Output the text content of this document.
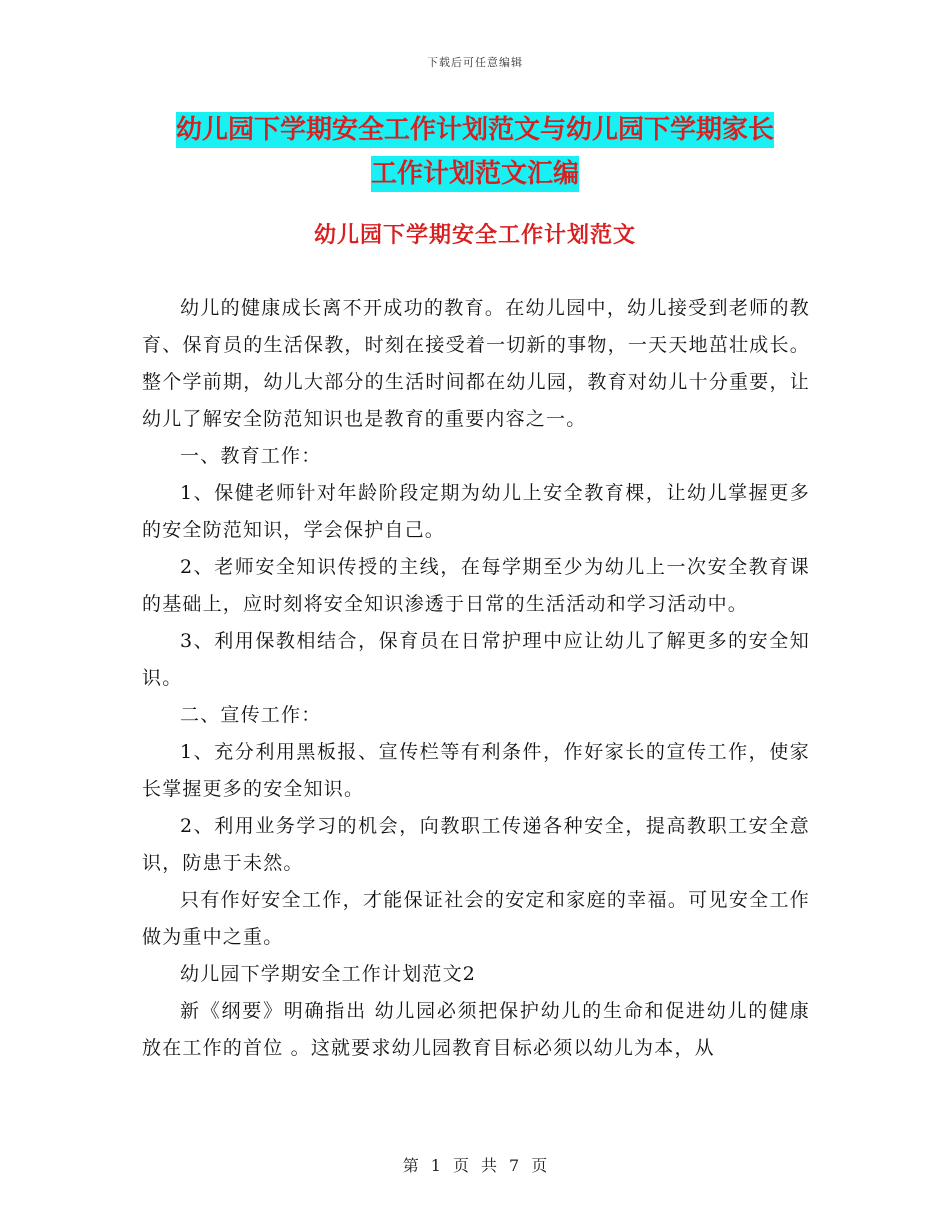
下载后可任意编辑
幼儿园下学期安全工作计划范文与幼儿园下学期家长
工作计划范文汇编
幼儿园下学期安全工作计划范文

幼儿的健康成长离不开成功的教育。在幼儿园中，幼儿接受到老师的教育、保育员的生活保教，时刻在接受着一切新的事物，一天天地茁壮成长。整个学前期，幼儿大部分的生活时间都在幼儿园，教育对幼儿十分重要，让幼儿了解安全防范知识也是教育的重要内容之一。

一、教育工作：

1、保健老师针对年龄阶段定期为幼儿上安全教育棵，让幼儿掌握更多的安全防范知识，学会保护自己。

2、老师安全知识传授的主线，在每学期至少为幼儿上一次安全教育课的基础上，应时刻将安全知识渗透于日常的生活活动和学习活动中。

3、利用保教相结合，保育员在日常护理中应让幼儿了解更多的安全知识。

二、宣传工作：

1、充分利用黑板报、宣传栏等有利条件，作好家长的宣传工作，使家长掌握更多的安全知识。

2、利用业务学习的机会，向教职工传递各种安全，提高教职工安全意识，防患于未然。

只有作好安全工作，才能保证社会的安定和家庭的幸福。可见安全工作做为重中之重。

幼儿园下学期安全工作计划范文2

新《纲要》明确指出 幼儿园必须把保护幼儿的生命和促进幼儿的健康放在工作的首位 。这就要求幼儿园教育目标必须以幼儿为本，从

第 1 页 共 7 页
